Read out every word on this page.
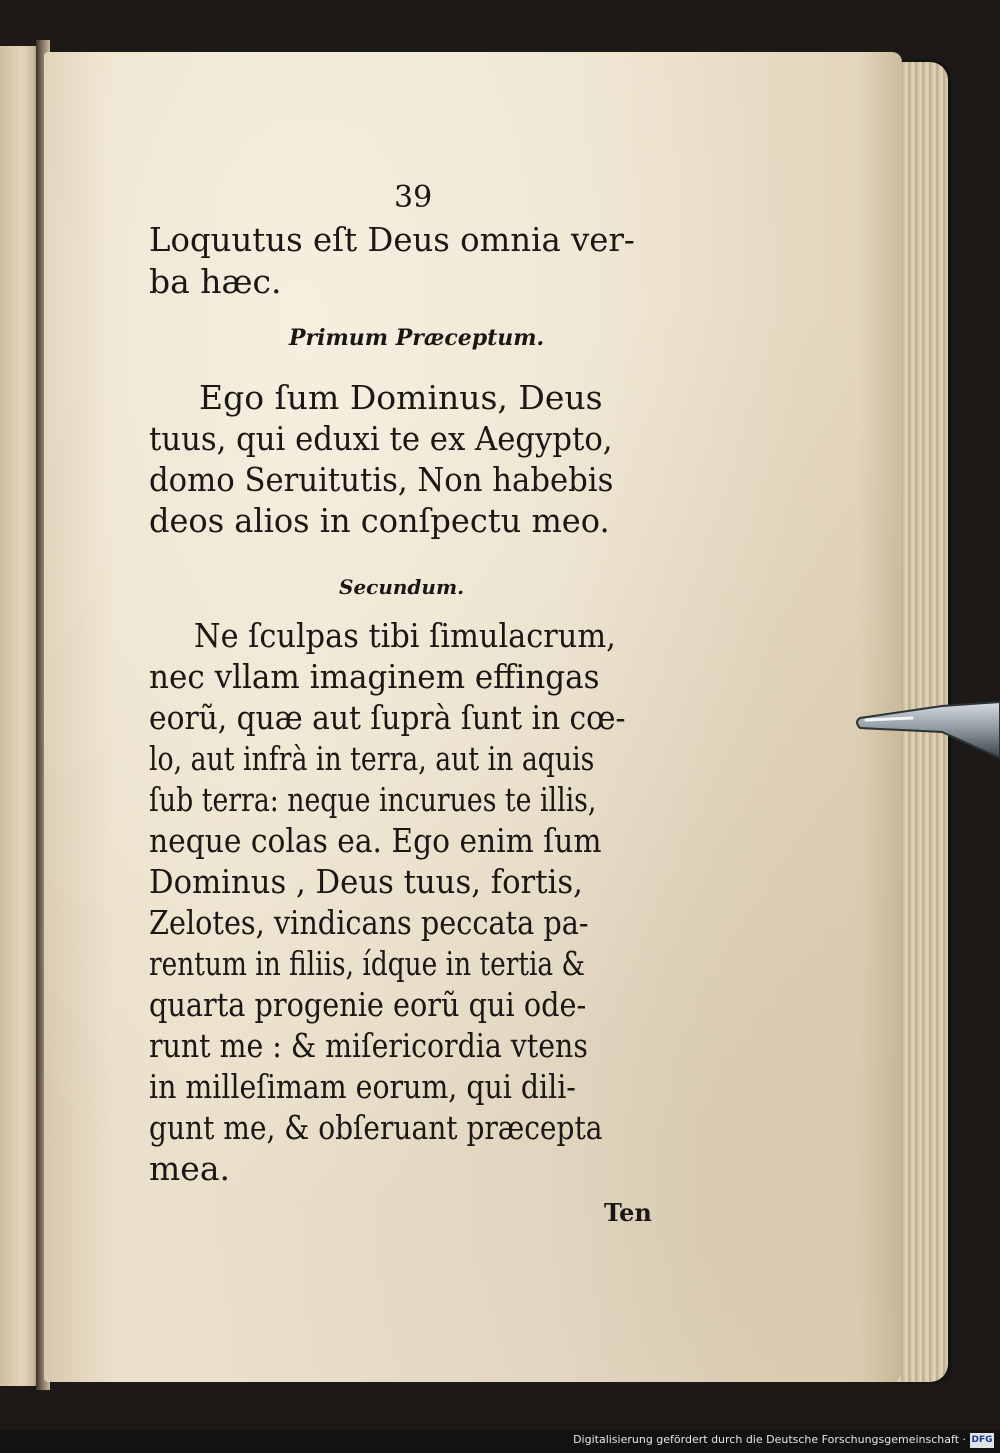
39
Loquutus eſt Deus omnia ver‑
ba hæc.
Primum Præceptum.
Ego ſum Dominus, Deus
tuus, qui eduxi te ex Aegypto,
domo Seruitutis, Non habebis
deos alios in conſpectu meo.
Secundum.
Ne ſculpas tibi ſimulacrum,
nec vllam imaginem effingas
eorũ, quæ aut ſuprà ſunt in cœ‑
lo, aut infrà in terra, aut in aquis
ſub terra: neque incurues te illis,
neque colas ea. Ego enim ſum
Dominus , Deus tuus, fortis,
Zelotes, vindicans peccata pa‑
rentum in filiis, ídque in tertia &
quarta progenie eorũ qui ode‑
runt me : & miſericordia vtens
in milleſimam eorum, qui dili‑
gunt me, & obſeruant præcepta
mea.
Ten
Digitalisierung gefördert durch die Deutsche Forschungsgemeinschaft · DFG
